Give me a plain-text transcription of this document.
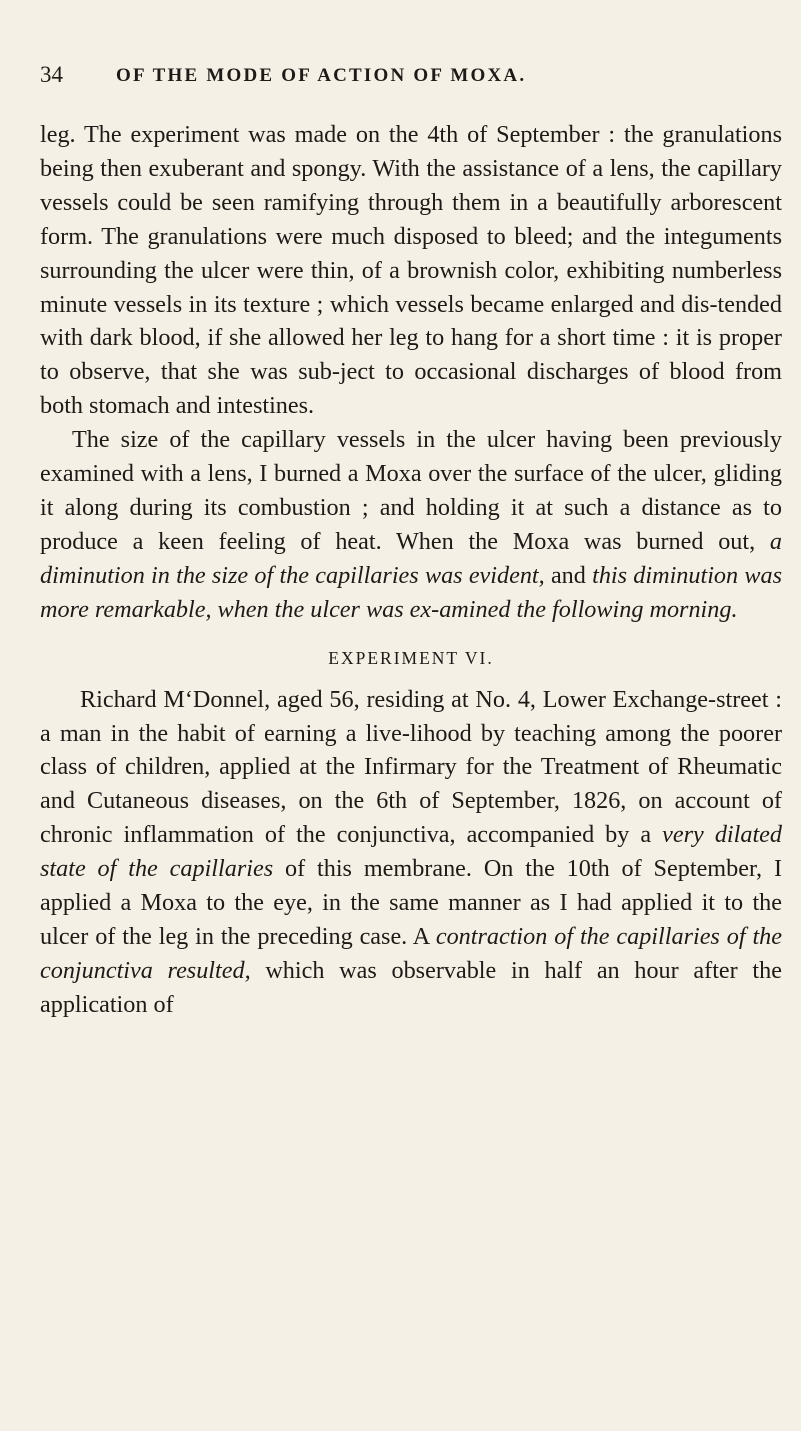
34	OF THE MODE OF ACTION OF MOXA.

leg. The experiment was made on the 4th of September : the granulations being then exuberant and spongy. With the assistance of a lens, the capillary vessels could be seen ramifying through them in a beautifully arborescent form. The granulations were much disposed to bleed; and the integuments surrounding the ulcer were thin, of a brownish color, exhibiting numberless minute vessels in its texture ; which vessels became enlarged and dis-tended with dark blood, if she allowed her leg to hang for a short time : it is proper to observe, that she was sub-ject to occasional discharges of blood from both stomach and intestines.

The size of the capillary vessels in the ulcer having been previously examined with a lens, I burned a Moxa over the surface of the ulcer, gliding it along during its combustion ; and holding it at such a distance as to produce a keen feeling of heat. When the Moxa was burned out, a diminution in the size of the capillaries was evident, and this diminution was more remarkable, when the ulcer was ex-amined the following morning.

EXPERIMENT VI.

Richard M‘Donnel, aged 56, residing at No. 4, Lower Exchange-street : a man in the habit of earning a live-lihood by teaching among the poorer class of children, applied at the Infirmary for the Treatment of Rheumatic and Cutaneous diseases, on the 6th of September, 1826, on account of chronic inflammation of the conjunctiva, accompanied by a very dilated state of the capillaries of this membrane. On the 10th of September, I applied a Moxa to the eye, in the same manner as I had applied it to the ulcer of the leg in the preceding case. A contraction of the capillaries of the conjunctiva resulted, which was observable in half an hour after the application of
